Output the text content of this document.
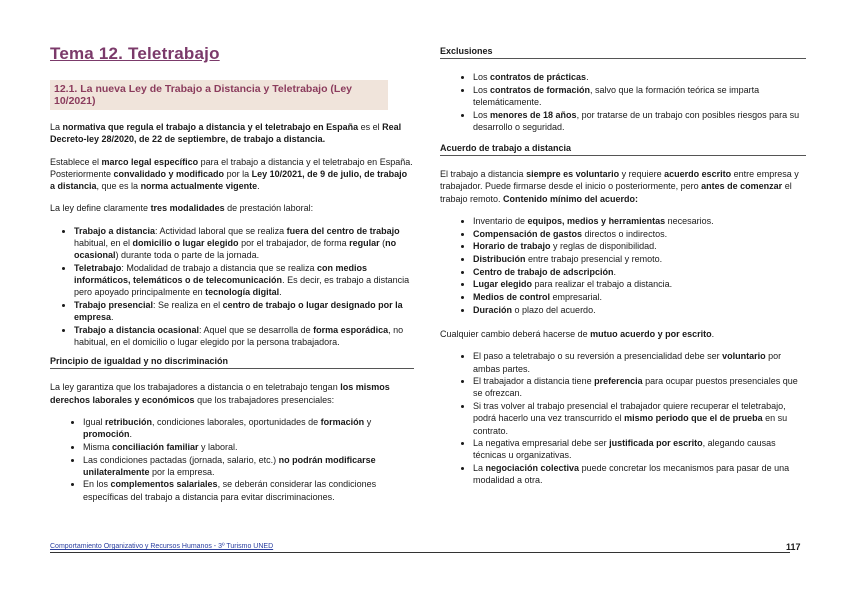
Tema 12. Teletrabajo
12.1. La nueva Ley de Trabajo a Distancia y Teletrabajo (Ley 10/2021)

La normativa que regula el trabajo a distancia y el teletrabajo en España es el Real Decreto-ley 28/2020, de 22 de septiembre, de trabajo a distancia.

Establece el marco legal específico para el trabajo a distancia y el teletrabajo en España. Posteriormente convalidado y modificado por la Ley 10/2021, de 9 de julio, de trabajo a distancia, que es la norma actualmente vigente.

La ley define claramente tres modalidades de prestación laboral:

• Trabajo a distancia: Actividad laboral que se realiza fuera del centro de trabajo habitual, en el domicilio o lugar elegido por el trabajador, de forma regular (no ocasional) durante toda o parte de la jornada.
• Teletrabajo: Modalidad de trabajo a distancia que se realiza con medios informáticos, telemáticos o de telecomunicación. Es decir, es trabajo a distancia pero apoyado principalmente en tecnología digital.
• Trabajo presencial: Se realiza en el centro de trabajo o lugar designado por la empresa.
• Trabajo a distancia ocasional: Aquel que se desarrolla de forma esporádica, no habitual, en el domicilio o lugar elegido por la persona trabajadora.
Principio de igualdad y no discriminación

La ley garantiza que los trabajadores a distancia o en teletrabajo tengan los mismos derechos laborales y económicos que los trabajadores presenciales:

• Igual retribución, condiciones laborales, oportunidades de formación y promoción.
• Misma conciliación familiar y laboral.
• Las condiciones pactadas (jornada, salario, etc.) no podrán modificarse unilateralmente por la empresa.
• En los complementos salariales, se deberán considerar las condiciones específicas del trabajo a distancia para evitar discriminaciones.
Exclusiones
• Los contratos de prácticas.
• Los contratos de formación, salvo que la formación teórica se imparta telemáticamente.
• Los menores de 18 años, por tratarse de un trabajo con posibles riesgos para su desarrollo o seguridad.
Acuerdo de trabajo a distancia

El trabajo a distancia siempre es voluntario y requiere acuerdo escrito entre empresa y trabajador. Puede firmarse desde el inicio o posteriormente, pero antes de comenzar el trabajo remoto. Contenido mínimo del acuerdo:

• Inventario de equipos, medios y herramientas necesarios.
• Compensación de gastos directos o indirectos.
• Horario de trabajo y reglas de disponibilidad.
• Distribución entre trabajo presencial y remoto.
• Centro de trabajo de adscripción.
• Lugar elegido para realizar el trabajo a distancia.
• Medios de control empresarial.
• Duración o plazo del acuerdo.

Cualquier cambio deberá hacerse de mutuo acuerdo y por escrito.

• El paso a teletrabajo o su reversión a presencialidad debe ser voluntario por ambas partes.
• El trabajador a distancia tiene preferencia para ocupar puestos presenciales que se ofrezcan.
• Si tras volver al trabajo presencial el trabajador quiere recuperar el teletrabajo, podrá hacerlo una vez transcurrido el mismo periodo que el de prueba en su contrato.
• La negativa empresarial debe ser justificada por escrito, alegando causas técnicas u organizativas.
• La negociación colectiva puede concretar los mecanismos para pasar de una modalidad a otra.
Comportamiento Organizativo y Recursos Humanos - 3º Turismo UNED	117
